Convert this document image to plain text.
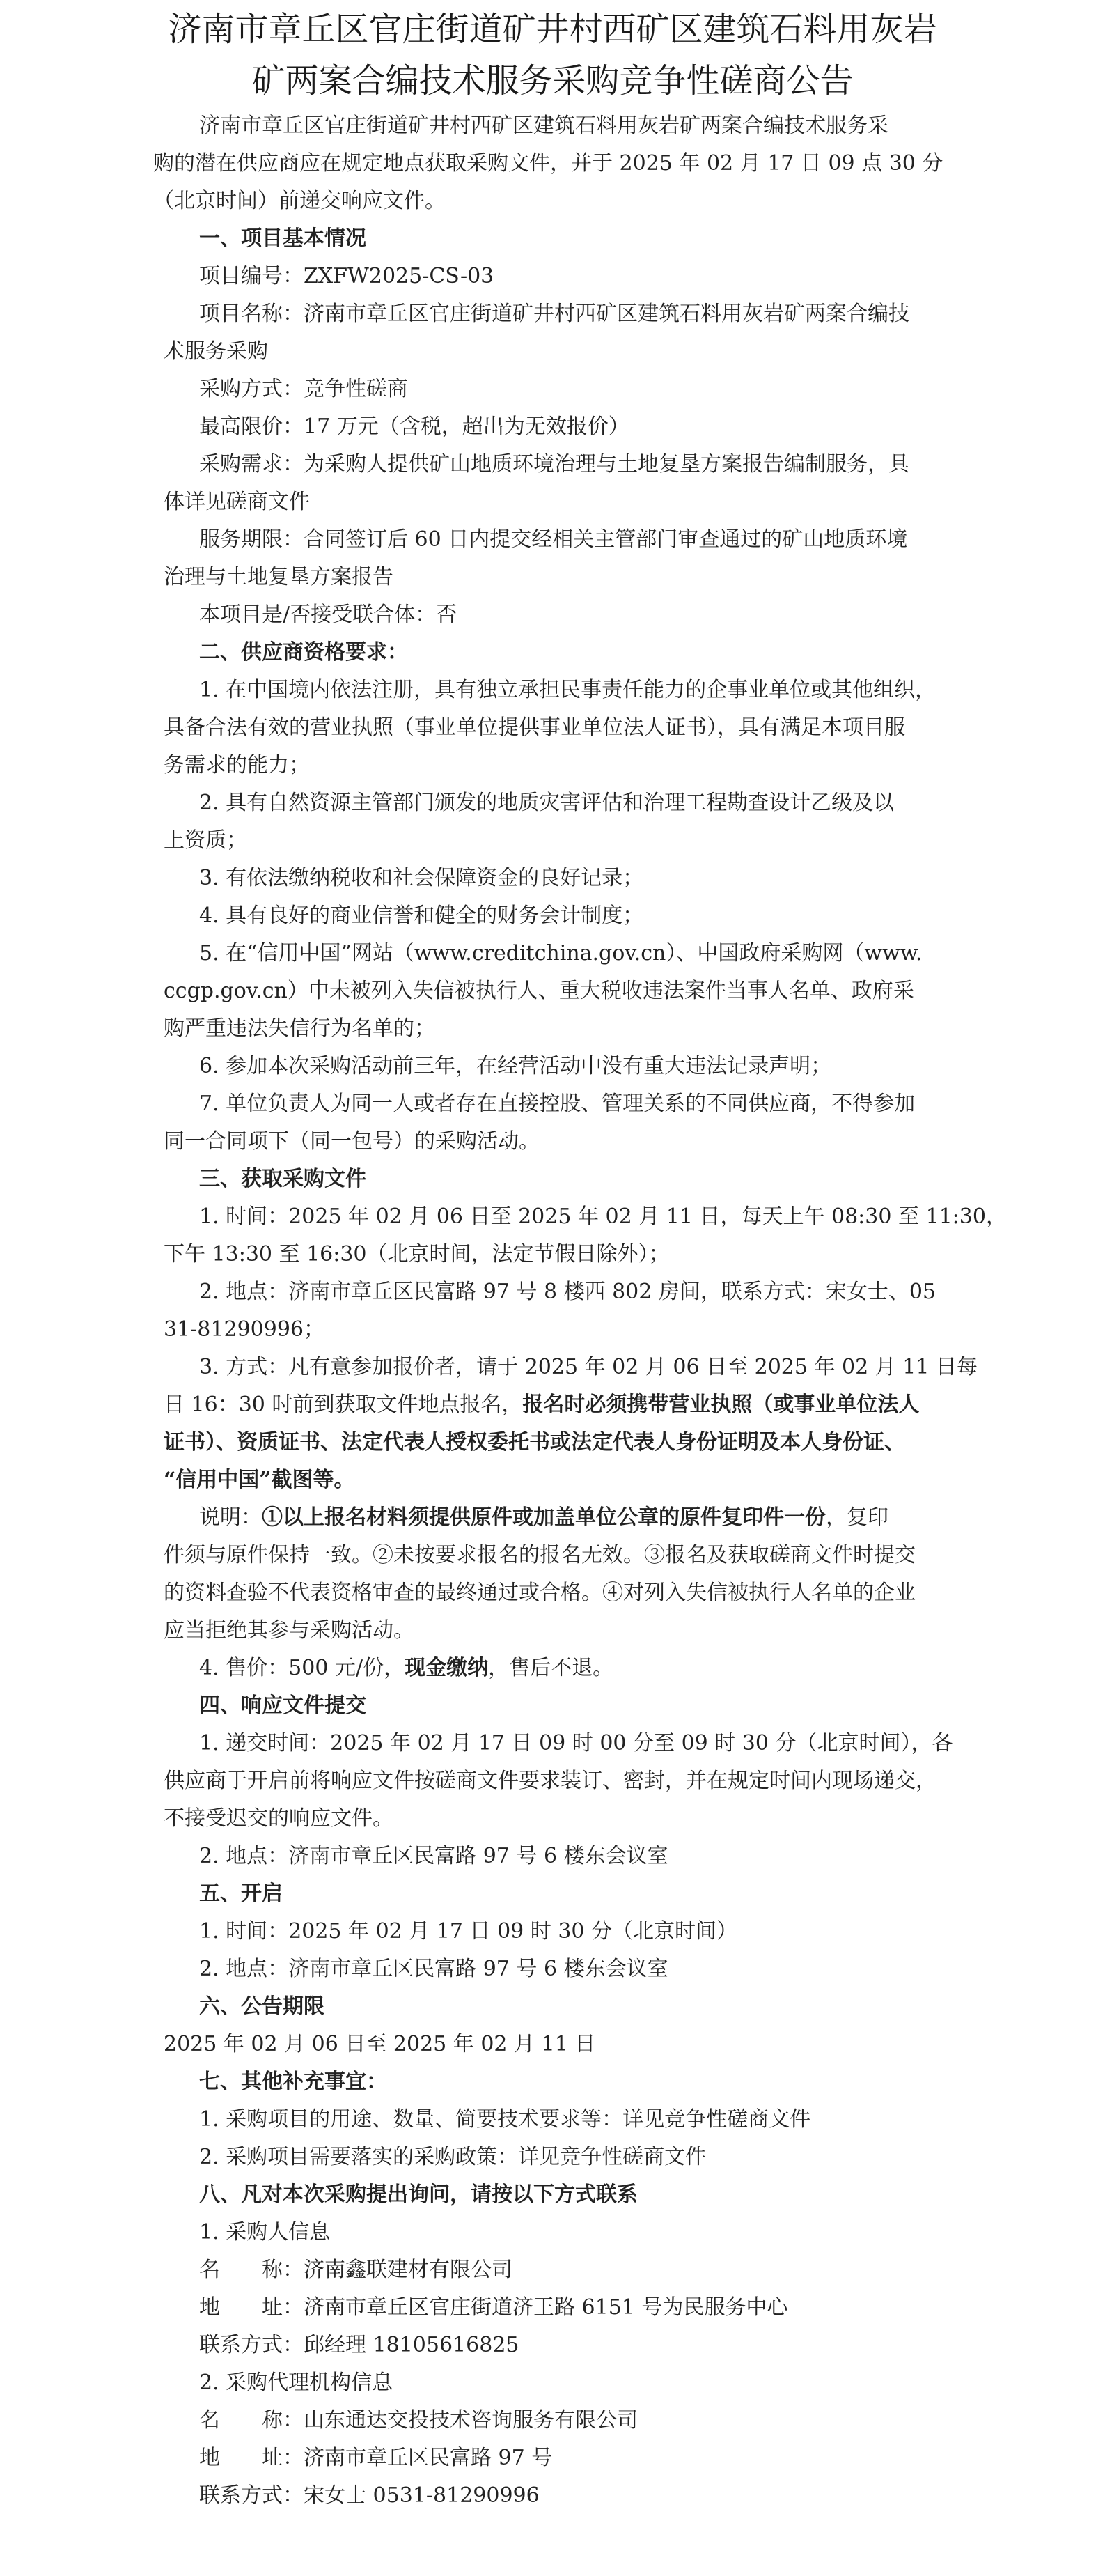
济南市章丘区官庄街道矿井村西矿区建筑石料用灰岩
矿两案合编技术服务采购竞争性磋商公告
济南市章丘区官庄街道矿井村西矿区建筑石料用灰岩矿两案合编技术服务采
购的潜在供应商应在规定地点获取采购文件，并于 2025 年 02 月 17 日 09 点 30 分
（北京时间）前递交响应文件。
一、项目基本情况
项目编号：ZXFW2025-CS-03
项目名称：济南市章丘区官庄街道矿井村西矿区建筑石料用灰岩矿两案合编技
术服务采购
采购方式：竞争性磋商
最高限价：17 万元（含税，超出为无效报价）
采购需求：为采购人提供矿山地质环境治理与土地复垦方案报告编制服务，具
体详见磋商文件
服务期限：合同签订后 60 日内提交经相关主管部门审查通过的矿山地质环境
治理与土地复垦方案报告
本项目是/否接受联合体：否
二、供应商资格要求：
1. 在中国境内依法注册，具有独立承担民事责任能力的企事业单位或其他组织，
具备合法有效的营业执照（事业单位提供事业单位法人证书），具有满足本项目服
务需求的能力；
2. 具有自然资源主管部门颁发的地质灾害评估和治理工程勘查设计乙级及以
上资质；
3. 有依法缴纳税收和社会保障资金的良好记录；
4. 具有良好的商业信誉和健全的财务会计制度；
5. 在“信用中国”网站（www.creditchina.gov.cn）、中国政府采购网（www.
ccgp.gov.cn）中未被列入失信被执行人、重大税收违法案件当事人名单、政府采
购严重违法失信行为名单的；
6. 参加本次采购活动前三年，在经营活动中没有重大违法记录声明；
7. 单位负责人为同一人或者存在直接控股、管理关系的不同供应商，不得参加
同一合同项下（同一包号）的采购活动。
三、获取采购文件
1. 时间：2025 年 02 月 06 日至 2025 年 02 月 11 日，每天上午 08:30 至 11:30，
下午 13:30 至 16:30（北京时间，法定节假日除外）；
2. 地点：济南市章丘区民富路 97 号 8 楼西 802 房间，联系方式：宋女士、05
31-81290996；
3. 方式：凡有意参加报价者，请于 2025 年 02 月 06 日至 2025 年 02 月 11 日每
日 16：30 时前到获取文件地点报名，报名时必须携带营业执照（或事业单位法人
证书）、资质证书、法定代表人授权委托书或法定代表人身份证明及本人身份证、
“信用中国”截图等。
说明：①以上报名材料须提供原件或加盖单位公章的原件复印件一份，复印
件须与原件保持一致。②未按要求报名的报名无效。③报名及获取磋商文件时提交
的资料查验不代表资格审查的最终通过或合格。④对列入失信被执行人名单的企业
应当拒绝其参与采购活动。
4. 售价：500 元/份，现金缴纳，售后不退。
四、响应文件提交
1. 递交时间：2025 年 02 月 17 日 09 时 00 分至 09 时 30 分（北京时间），各
供应商于开启前将响应文件按磋商文件要求装订、密封，并在规定时间内现场递交，
不接受迟交的响应文件。
2. 地点：济南市章丘区民富路 97 号 6 楼东会议室
五、开启
1. 时间：2025 年 02 月 17 日 09 时 30 分（北京时间）
2. 地点：济南市章丘区民富路 97 号 6 楼东会议室
六、公告期限
2025 年 02 月 06 日至 2025 年 02 月 11 日
七、其他补充事宜：
1. 采购项目的用途、数量、简要技术要求等：详见竞争性磋商文件
2. 采购项目需要落实的采购政策：详见竞争性磋商文件
八、凡对本次采购提出询问，请按以下方式联系
1. 采购人信息
名　　称：济南鑫联建材有限公司
地　　址：济南市章丘区官庄街道济王路 6151 号为民服务中心
联系方式：邱经理 18105616825
2. 采购代理机构信息
名　　称：山东通达交投技术咨询服务有限公司
地　　址：济南市章丘区民富路 97 号
联系方式：宋女士 0531-81290996
